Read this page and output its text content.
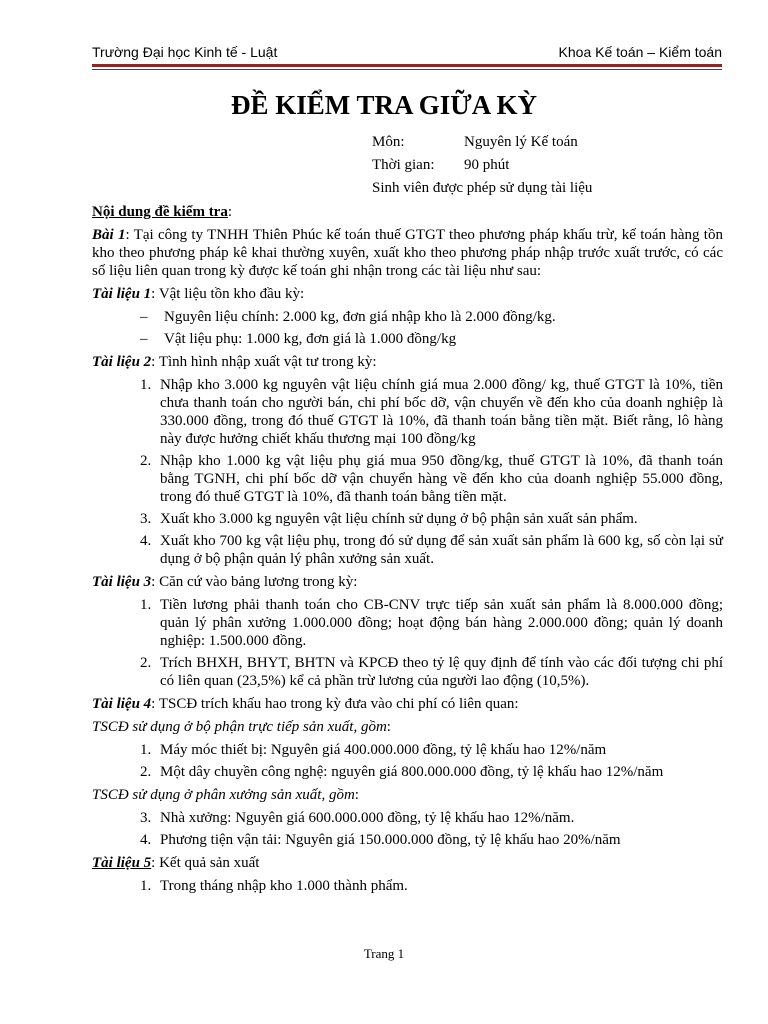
Trường Đại học Kinh tế - Luật	Khoa Kế toán – Kiểm toán
ĐỀ KIỂM TRA GIỮA KỲ
Môn:	Nguyên lý Kế toán
Thời gian: 90 phút
Sinh viên được phép sử dụng tài liệu

Nội dung đề kiểm tra:

Bài 1: Tại công ty TNHH Thiên Phúc kế toán thuế GTGT theo phương pháp khấu trừ, kế toán hàng tồn kho theo phương pháp kê khai thường xuyên, xuất kho theo phương pháp nhập trước xuất trước, có các số liệu liên quan trong kỳ được kế toán ghi nhận trong các tài liệu như sau:

Tài liệu 1: Vật liệu tồn kho đầu kỳ:

– Nguyên liệu chính: 2.000 kg, đơn giá nhập kho là 2.000 đồng/kg.
– Vật liệu phụ: 1.000 kg, đơn giá là 1.000 đồng/kg

Tài liệu 2: Tình hình nhập xuất vật tư trong kỳ:

1. Nhập kho 3.000 kg nguyên vật liệu chính giá mua 2.000 đồng/ kg, thuế GTGT là 10%, tiền chưa thanh toán cho người bán, chi phí bốc dỡ, vận chuyển về đến kho của doanh nghiệp là 330.000 đồng, trong đó thuế GTGT là 10%, đã thanh toán bằng tiền mặt. Biết rằng, lô hàng này được hưởng chiết khấu thương mại 100 đồng/kg
2. Nhập kho 1.000 kg vật liệu phụ giá mua 950 đồng/kg, thuế GTGT là 10%, đã thanh toán bằng TGNH, chi phí bốc dỡ vận chuyển hàng về đến kho của doanh nghiệp 55.000 đồng, trong đó thuế GTGT là 10%, đã thanh toán bằng tiền mặt.
3. Xuất kho 3.000 kg nguyên vật liệu chính sử dụng ở bộ phận sản xuất sản phẩm.
4. Xuất kho 700 kg vật liệu phụ, trong đó sử dụng để sản xuất sản phẩm là 600 kg, số còn lại sử dụng ở bộ phận quản lý phân xưởng sản xuất.

Tài liệu 3: Căn cứ vào bảng lương trong kỳ:

1. Tiền lương phải thanh toán cho CB-CNV trực tiếp sản xuất sản phẩm là 8.000.000 đồng; quản lý phân xưởng 1.000.000 đồng; hoạt động bán hàng 2.000.000 đồng; quản lý doanh nghiệp: 1.500.000 đồng.
2. Trích BHXH, BHYT, BHTN và KPCĐ theo tỷ lệ quy định để tính vào các đối tượng chi phí có liên quan (23,5%) kể cả phần trừ lương của người lao động (10,5%).

Tài liệu 4: TSCĐ trích khấu hao trong kỳ đưa vào chi phí có liên quan:

TSCĐ sử dụng ở bộ phận trực tiếp sản xuất, gồm:

1. Máy móc thiết bị: Nguyên giá 400.000.000 đồng, tỷ lệ khấu hao 12%/năm
2. Một dây chuyền công nghệ: nguyên giá 800.000.000 đồng, tỷ lệ khấu hao 12%/năm

TSCĐ sử dụng ở phân xưởng sản xuất, gồm:

3. Nhà xưởng: Nguyên giá 600.000.000 đồng, tỷ lệ khấu hao 12%/năm.
4. Phương tiện vận tải: Nguyên giá 150.000.000 đồng, tỷ lệ khấu hao 20%/năm

Tài liệu 5: Kết quả sản xuất

1. Trong tháng nhập kho 1.000 thành phẩm.
Trang 1
